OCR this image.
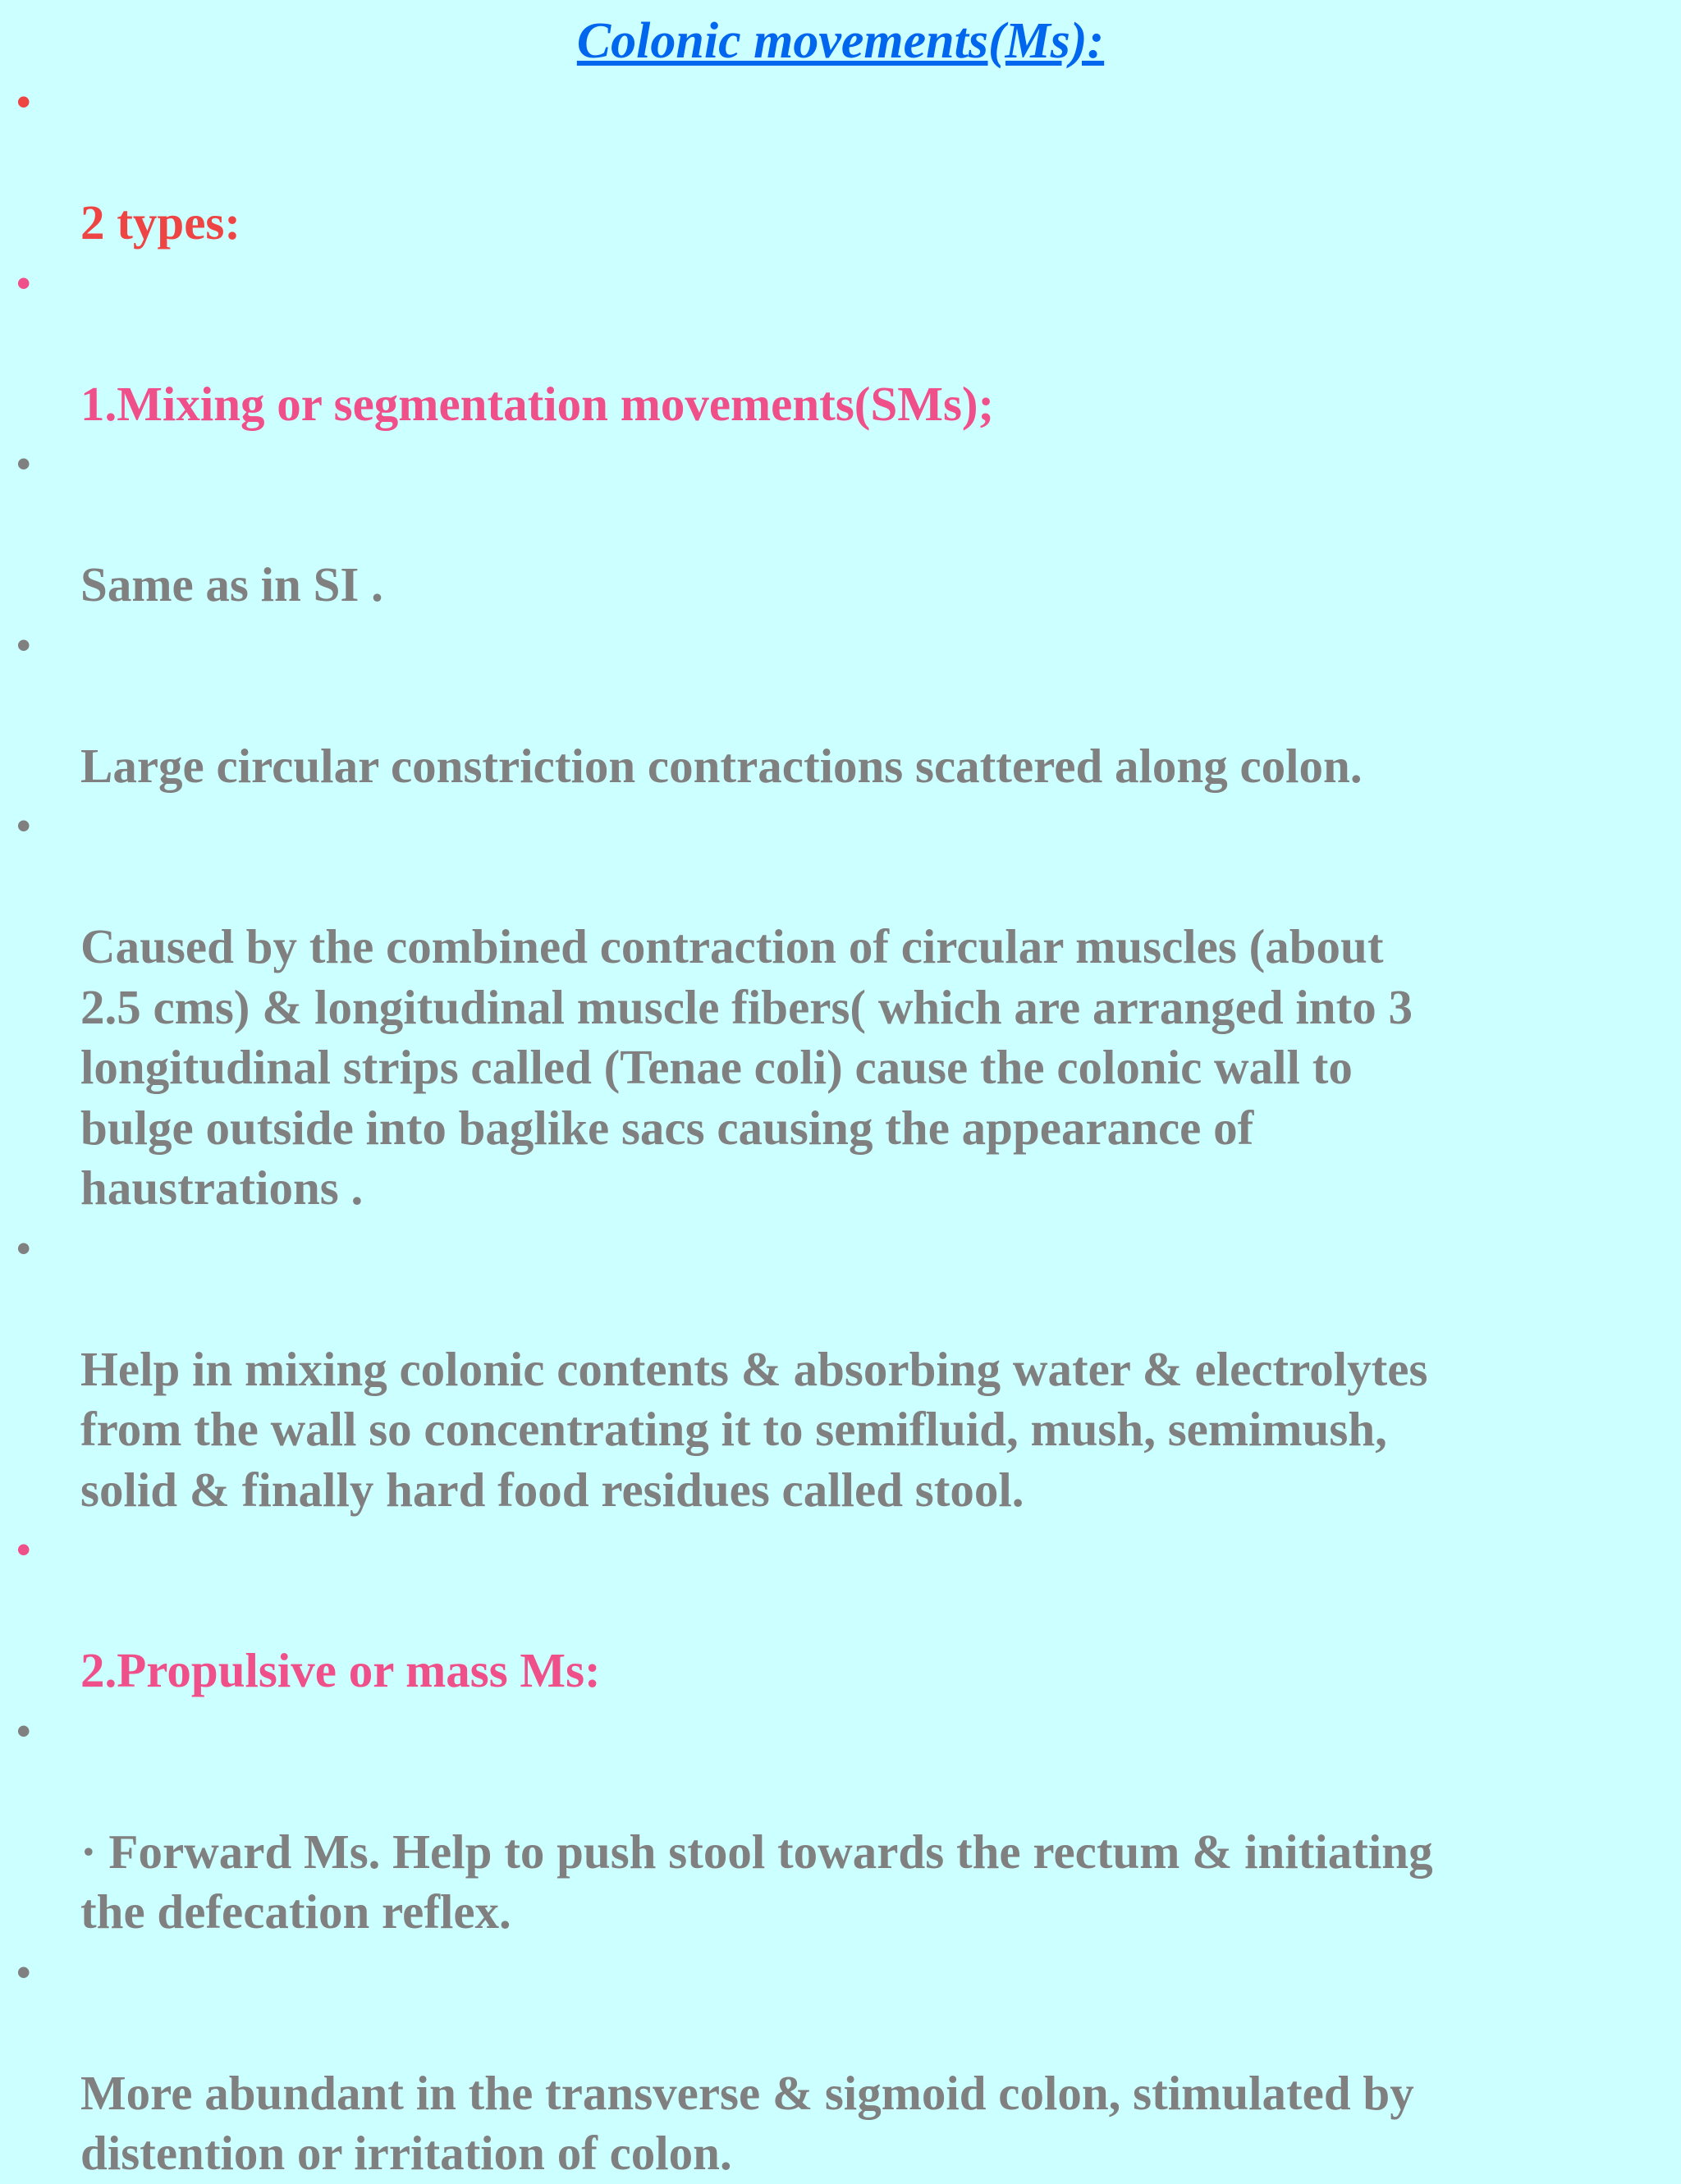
Colonic movements(Ms):

•

2 types:

•

1.Mixing or segmentation movements(SMs);

•

Same as in SI .

•

Large circular constriction contractions scattered along colon.

•

Caused by the combined contraction of circular muscles (about
2.5 cms) & longitudinal muscle fibers( which are arranged into 3
longitudinal strips called (Tenae coli) cause the colonic wall to
bulge outside into baglike sacs causing the appearance of
haustrations .

•

Help in mixing colonic contents & absorbing water & electrolytes
from the wall so concentrating it to semifluid, mush, semimush,
solid & finally hard food residues called stool.

•

2.Propulsive or mass Ms:

•

· Forward Ms. Help to push stool towards the rectum & initiating
the defecation reflex.

•

More abundant in the transverse & sigmoid colon, stimulated by
distention or irritation of colon.
